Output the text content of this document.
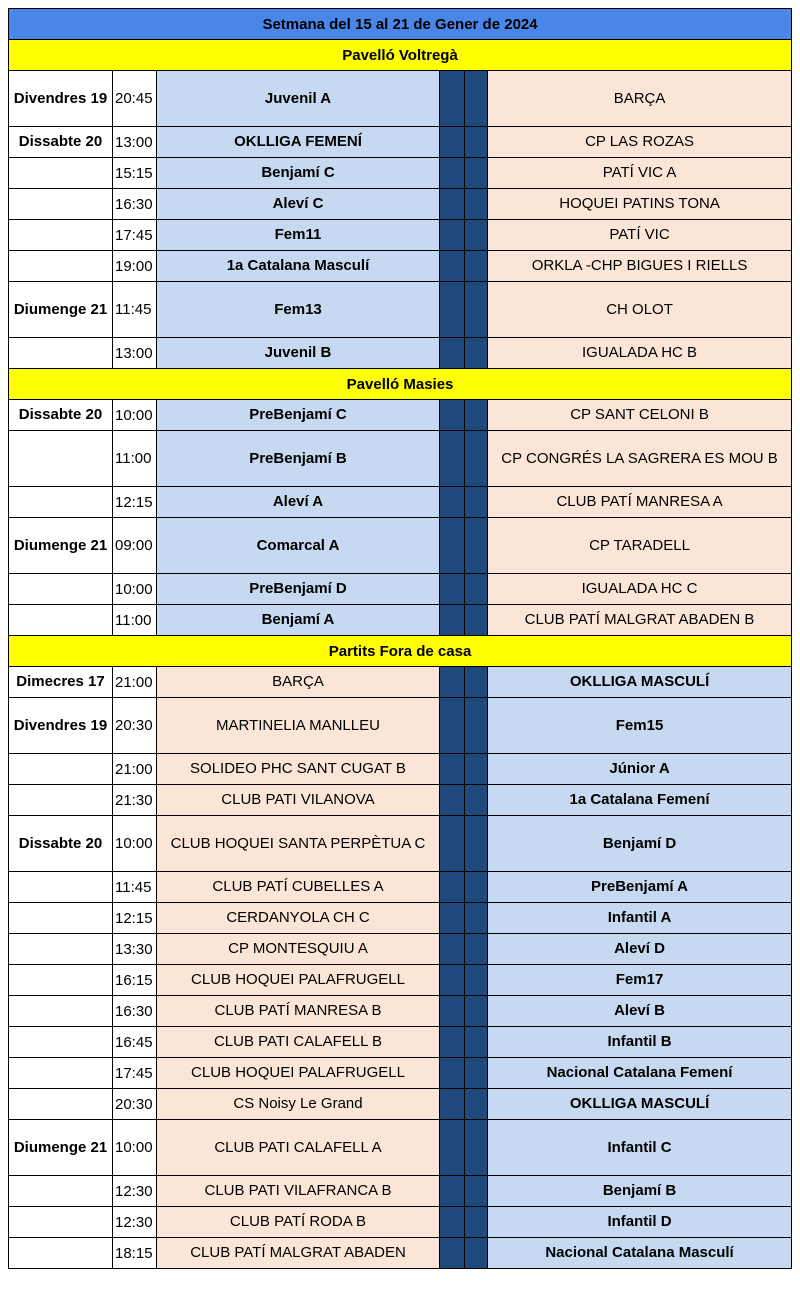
Setmana del 15 al 21 de Gener de 2024					
Pavelló Voltregà					
Divendres 19	20:45	Juvenil A			BARÇA
Dissabte 20	13:00	OKLLIGA FEMENÍ			CP LAS ROZAS
	15:15	Benjamí C			PATÍ VIC A
	16:30	Aleví C			HOQUEI PATINS TONA
	17:45	Fem11			PATÍ VIC
	19:00	1a Catalana Masculí			ORKLA -CHP BIGUES I RIELLS
Diumenge 21	11:45	Fem13			CH OLOT
	13:00	Juvenil B			IGUALADA HC B
Pavelló Masies					
Dissabte 20	10:00	PreBenjamí C			CP SANT CELONI B
	11:00	PreBenjamí B			CP CONGRÉS LA SAGRERA ES MOU B
	12:15	Aleví A			CLUB PATÍ MANRESA A
Diumenge 21	09:00	Comarcal A			CP TARADELL
	10:00	PreBenjamí D			IGUALADA HC C
	11:00	Benjamí A			CLUB PATÍ MALGRAT ABADEN B
Partits Fora de casa					
Dimecres 17	21:00	BARÇA			OKLLIGA MASCULÍ
Divendres 19	20:30	MARTINELIA MANLLEU			Fem15
	21:00	SOLIDEO PHC SANT CUGAT B			Júnior A
	21:30	CLUB PATI VILANOVA			1a Catalana Femení
Dissabte 20	10:00	CLUB HOQUEI SANTA PERPÈTUA C			Benjamí D
	11:45	CLUB PATÍ CUBELLES A			PreBenjamí A
	12:15	CERDANYOLA CH C			Infantil A
	13:30	CP MONTESQUIU A			Aleví D
	16:15	CLUB HOQUEI PALAFRUGELL			Fem17
	16:30	CLUB PATÍ MANRESA B			Aleví B
	16:45	CLUB PATI CALAFELL B			Infantil B
	17:45	CLUB HOQUEI PALAFRUGELL			Nacional Catalana Femení
	20:30	CS Noisy Le Grand			OKLLIGA MASCULÍ
Diumenge 21	10:00	CLUB PATI CALAFELL A			Infantil C
	12:30	CLUB PATI VILAFRANCA B			Benjamí B
	12:30	CLUB PATÍ RODA B			Infantil D
	18:15	CLUB PATÍ MALGRAT ABADEN			Nacional Catalana Masculí
